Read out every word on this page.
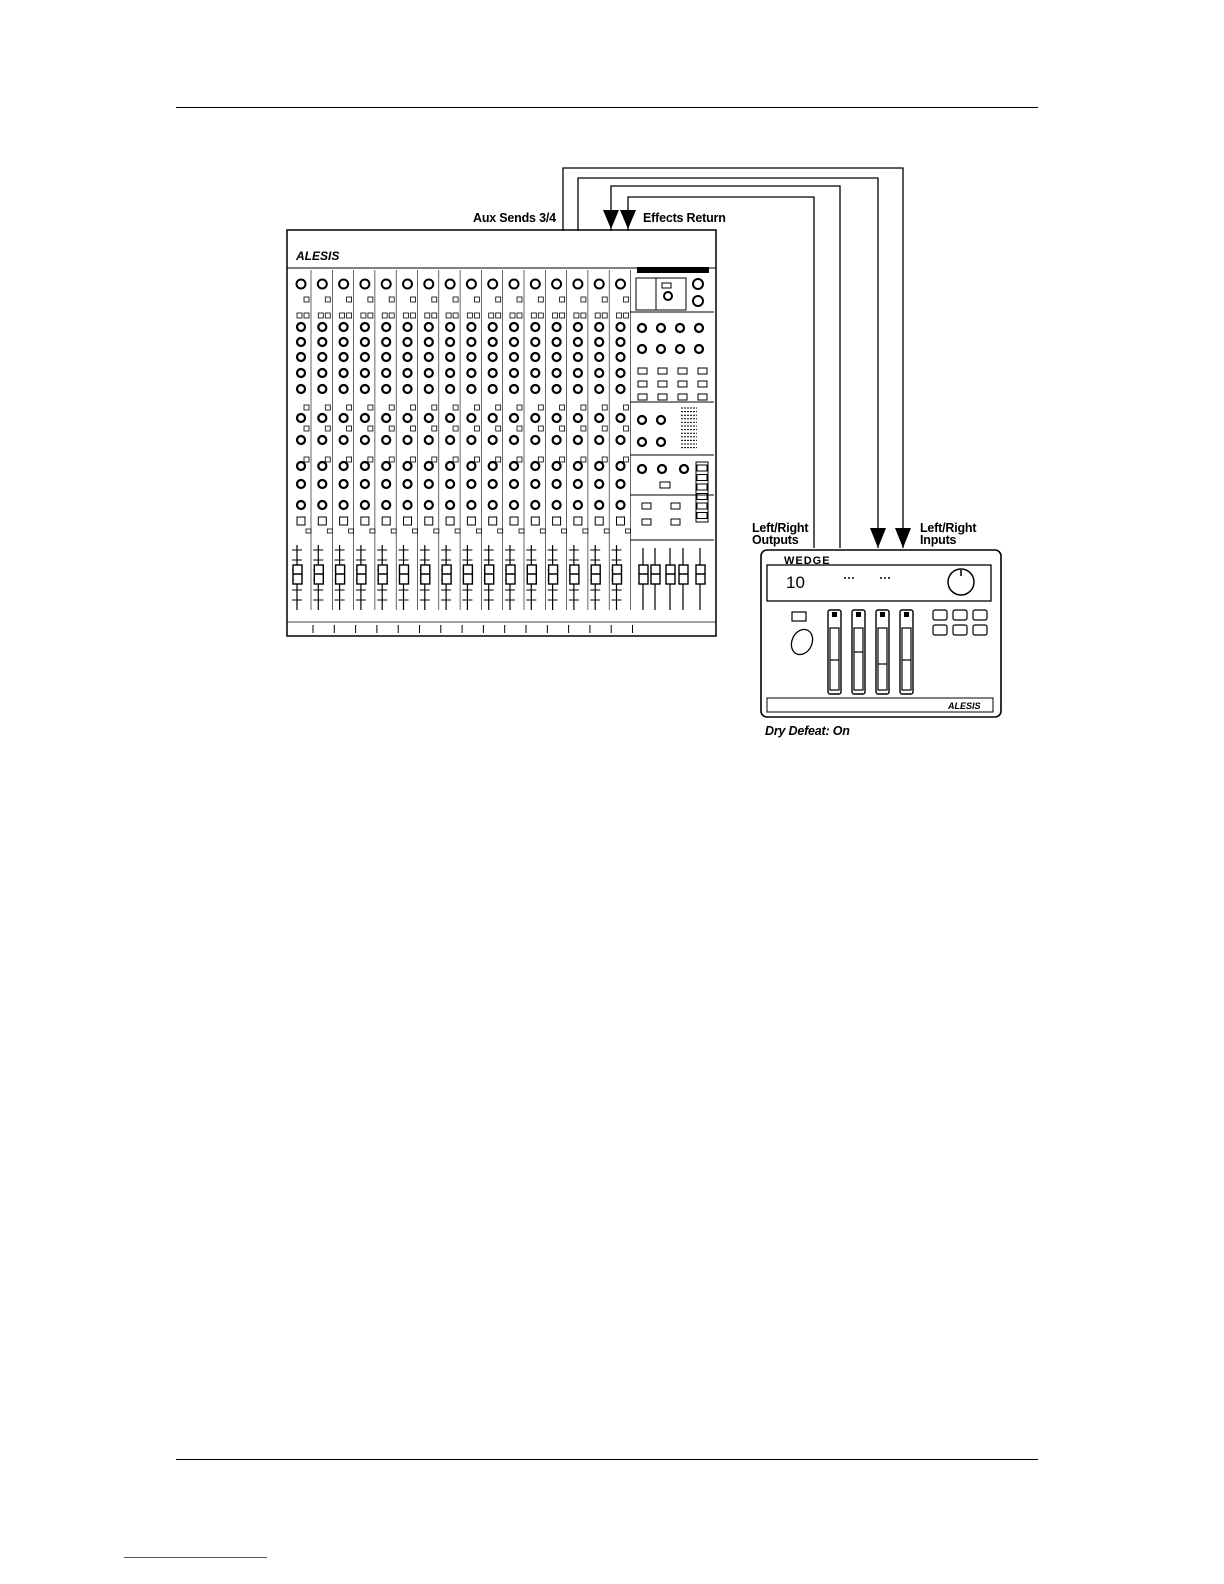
ALESIS
WEDGE
10
ALESIS
Aux Sends 3/4	Effects Return
Left/Right
Outputs
Left/Right
Inputs
Dry Defeat: On
